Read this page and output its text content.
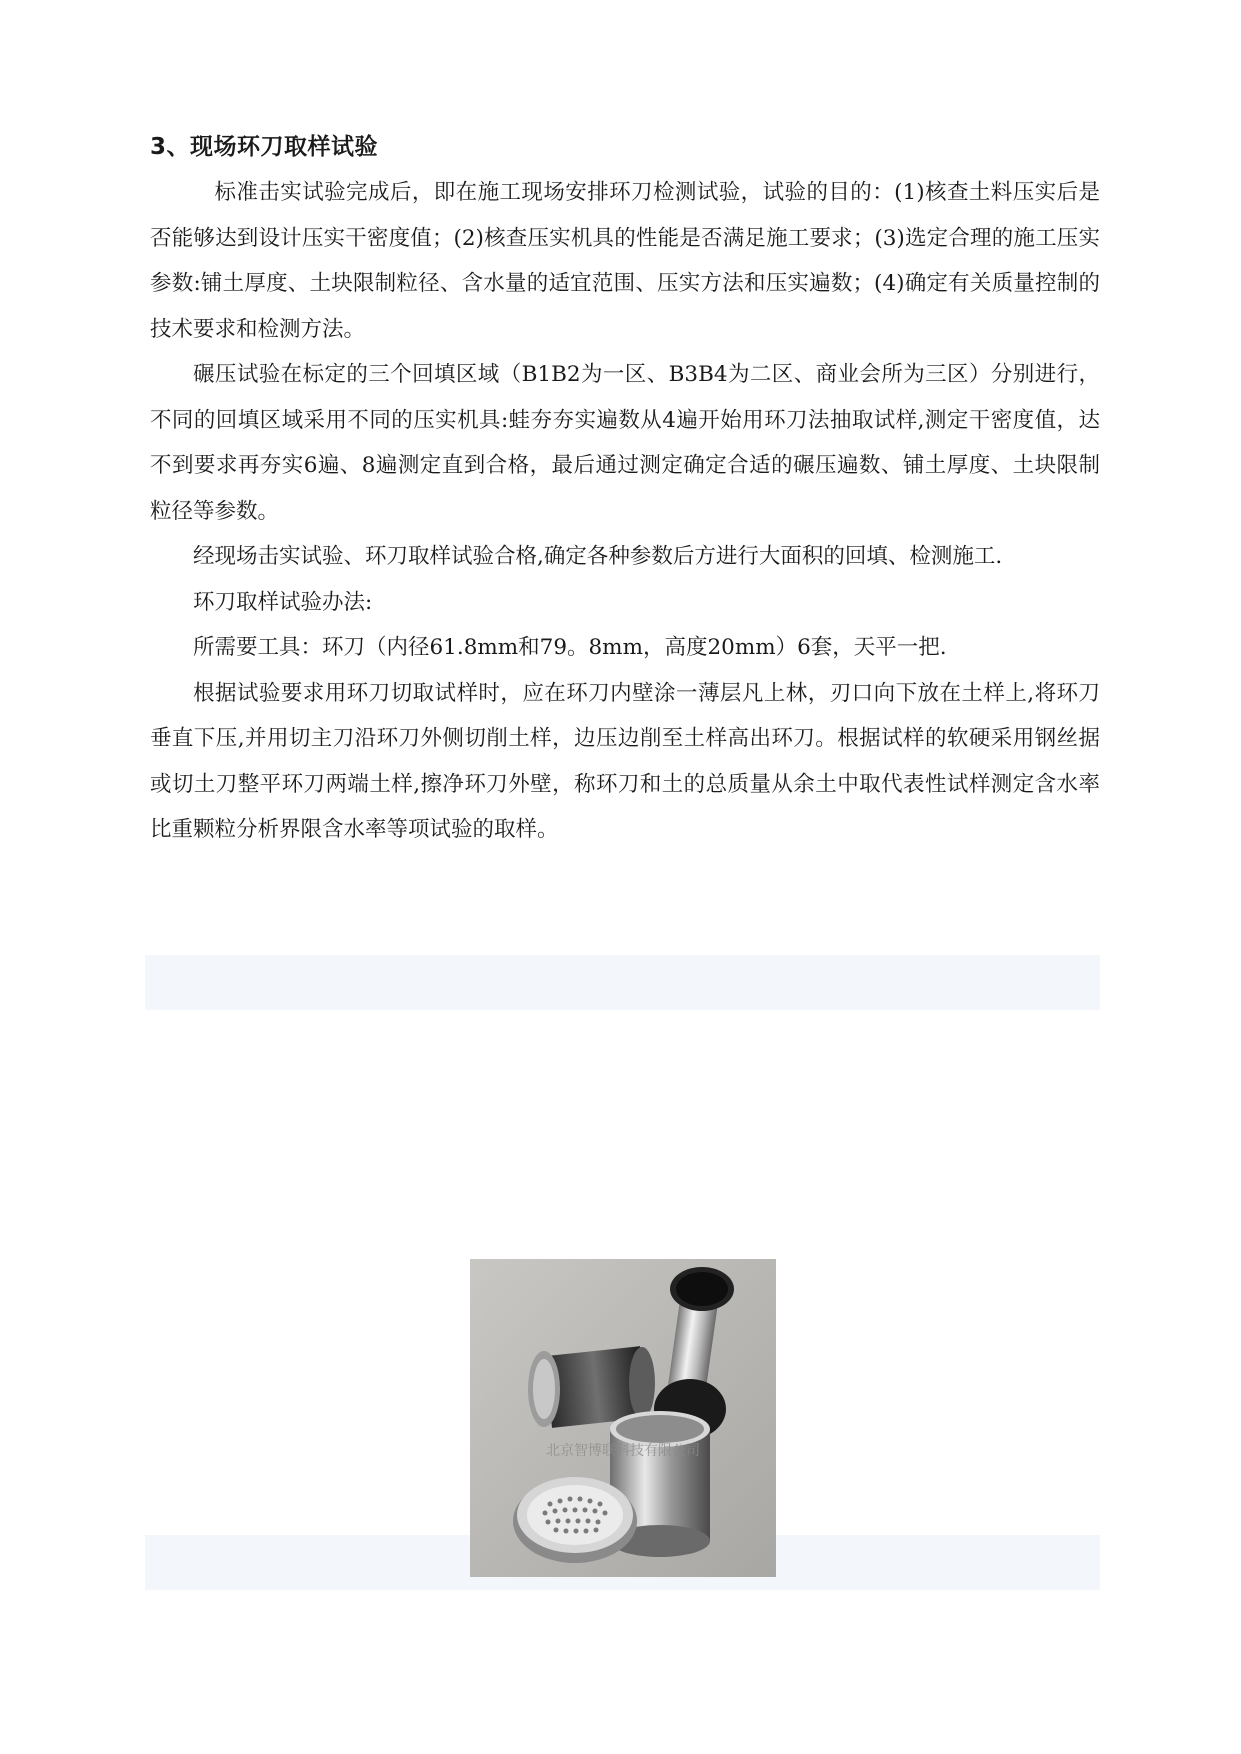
3、现场环刀取样试验

标准击实试验完成后，即在施工现场安排环刀检测试验，试验的目的：(1)核查土料压实后是否能够达到设计压实干密度值；(2)核查压实机具的性能是否满足施工要求；(3)选定合理的施工压实参数:铺土厚度、土块限制粒径、含水量的适宜范围、压实方法和压实遍数；(4)确定有关质量控制的技术要求和检测方法。

碾压试验在标定的三个回填区域（B1B2为一区、B3B4为二区、商业会所为三区）分别进行，不同的回填区域采用不同的压实机具:蛙夯夯实遍数从4遍开始用环刀法抽取试样,测定干密度值，达不到要求再夯实6遍、8遍测定直到合格，最后通过测定确定合适的碾压遍数、铺土厚度、土块限制粒径等参数。

经现场击实试验、环刀取样试验合格,确定各种参数后方进行大面积的回填、检测施工.

环刀取样试验办法:

所需要工具：环刀（内径61.8mm和79。8mm，高度20mm）6套，天平一把.

根据试验要求用环刀切取试样时，应在环刀内壁涂一薄层凡上林，刃口向下放在土样上,将环刀垂直下压,并用切主刀沿环刀外侧切削土样，边压边削至土样高出环刀。根据试样的软硬采用钢丝据或切土刀整平环刀两端土样,擦净环刀外壁，称环刀和土的总质量从余土中取代表性试样测定含水率比重颗粒分析界限含水率等项试验的取样。

北京智博联科技有限公司
